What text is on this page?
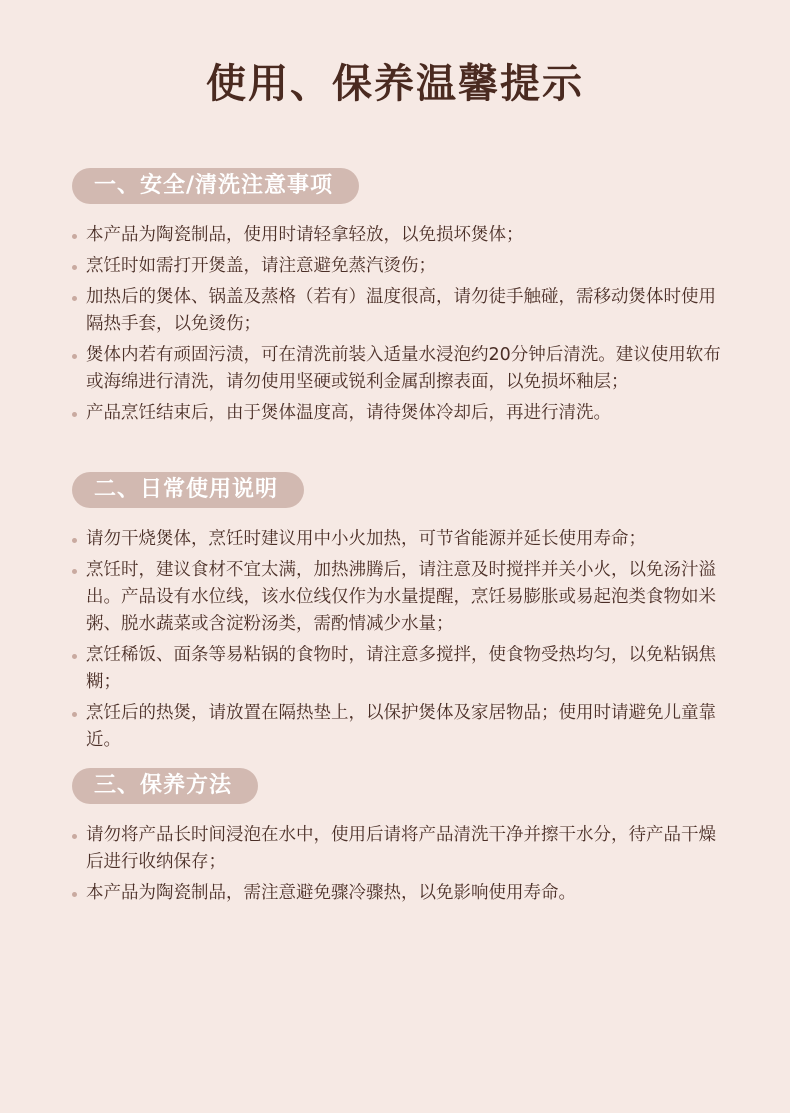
使用、保养温馨提示
一、安全/清洗注意事项
本产品为陶瓷制品，使用时请轻拿轻放，以免损坏煲体；
烹饪时如需打开煲盖，请注意避免蒸汽烫伤；
加热后的煲体、锅盖及蒸格（若有）温度很高，请勿徒手触碰，需移动煲体时使用隔热手套，以免烫伤；
煲体内若有顽固污渍，可在清洗前装入适量水浸泡约20分钟后清洗。建议使用软布或海绵进行清洗，请勿使用坚硬或锐利金属刮擦表面，以免损坏釉层；
产品烹饪结束后，由于煲体温度高，请待煲体冷却后，再进行清洗。
二、日常使用说明
请勿干烧煲体，烹饪时建议用中小火加热，可节省能源并延长使用寿命；
烹饪时，建议食材不宜太满，加热沸腾后，请注意及时搅拌并关小火，以免汤汁溢出。产品设有水位线，该水位线仅作为水量提醒，烹饪易膨胀或易起泡类食物如米粥、脱水蔬菜或含淀粉汤类，需酌情减少水量；
烹饪稀饭、面条等易粘锅的食物时，请注意多搅拌，使食物受热均匀，以免粘锅焦糊；
烹饪后的热煲，请放置在隔热垫上，以保护煲体及家居物品；使用时请避免儿童靠近。
三、保养方法
请勿将产品长时间浸泡在水中，使用后请将产品清洗干净并擦干水分，待产品干燥后进行收纳保存；
本产品为陶瓷制品，需注意避免骤冷骤热，以免影响使用寿命。
